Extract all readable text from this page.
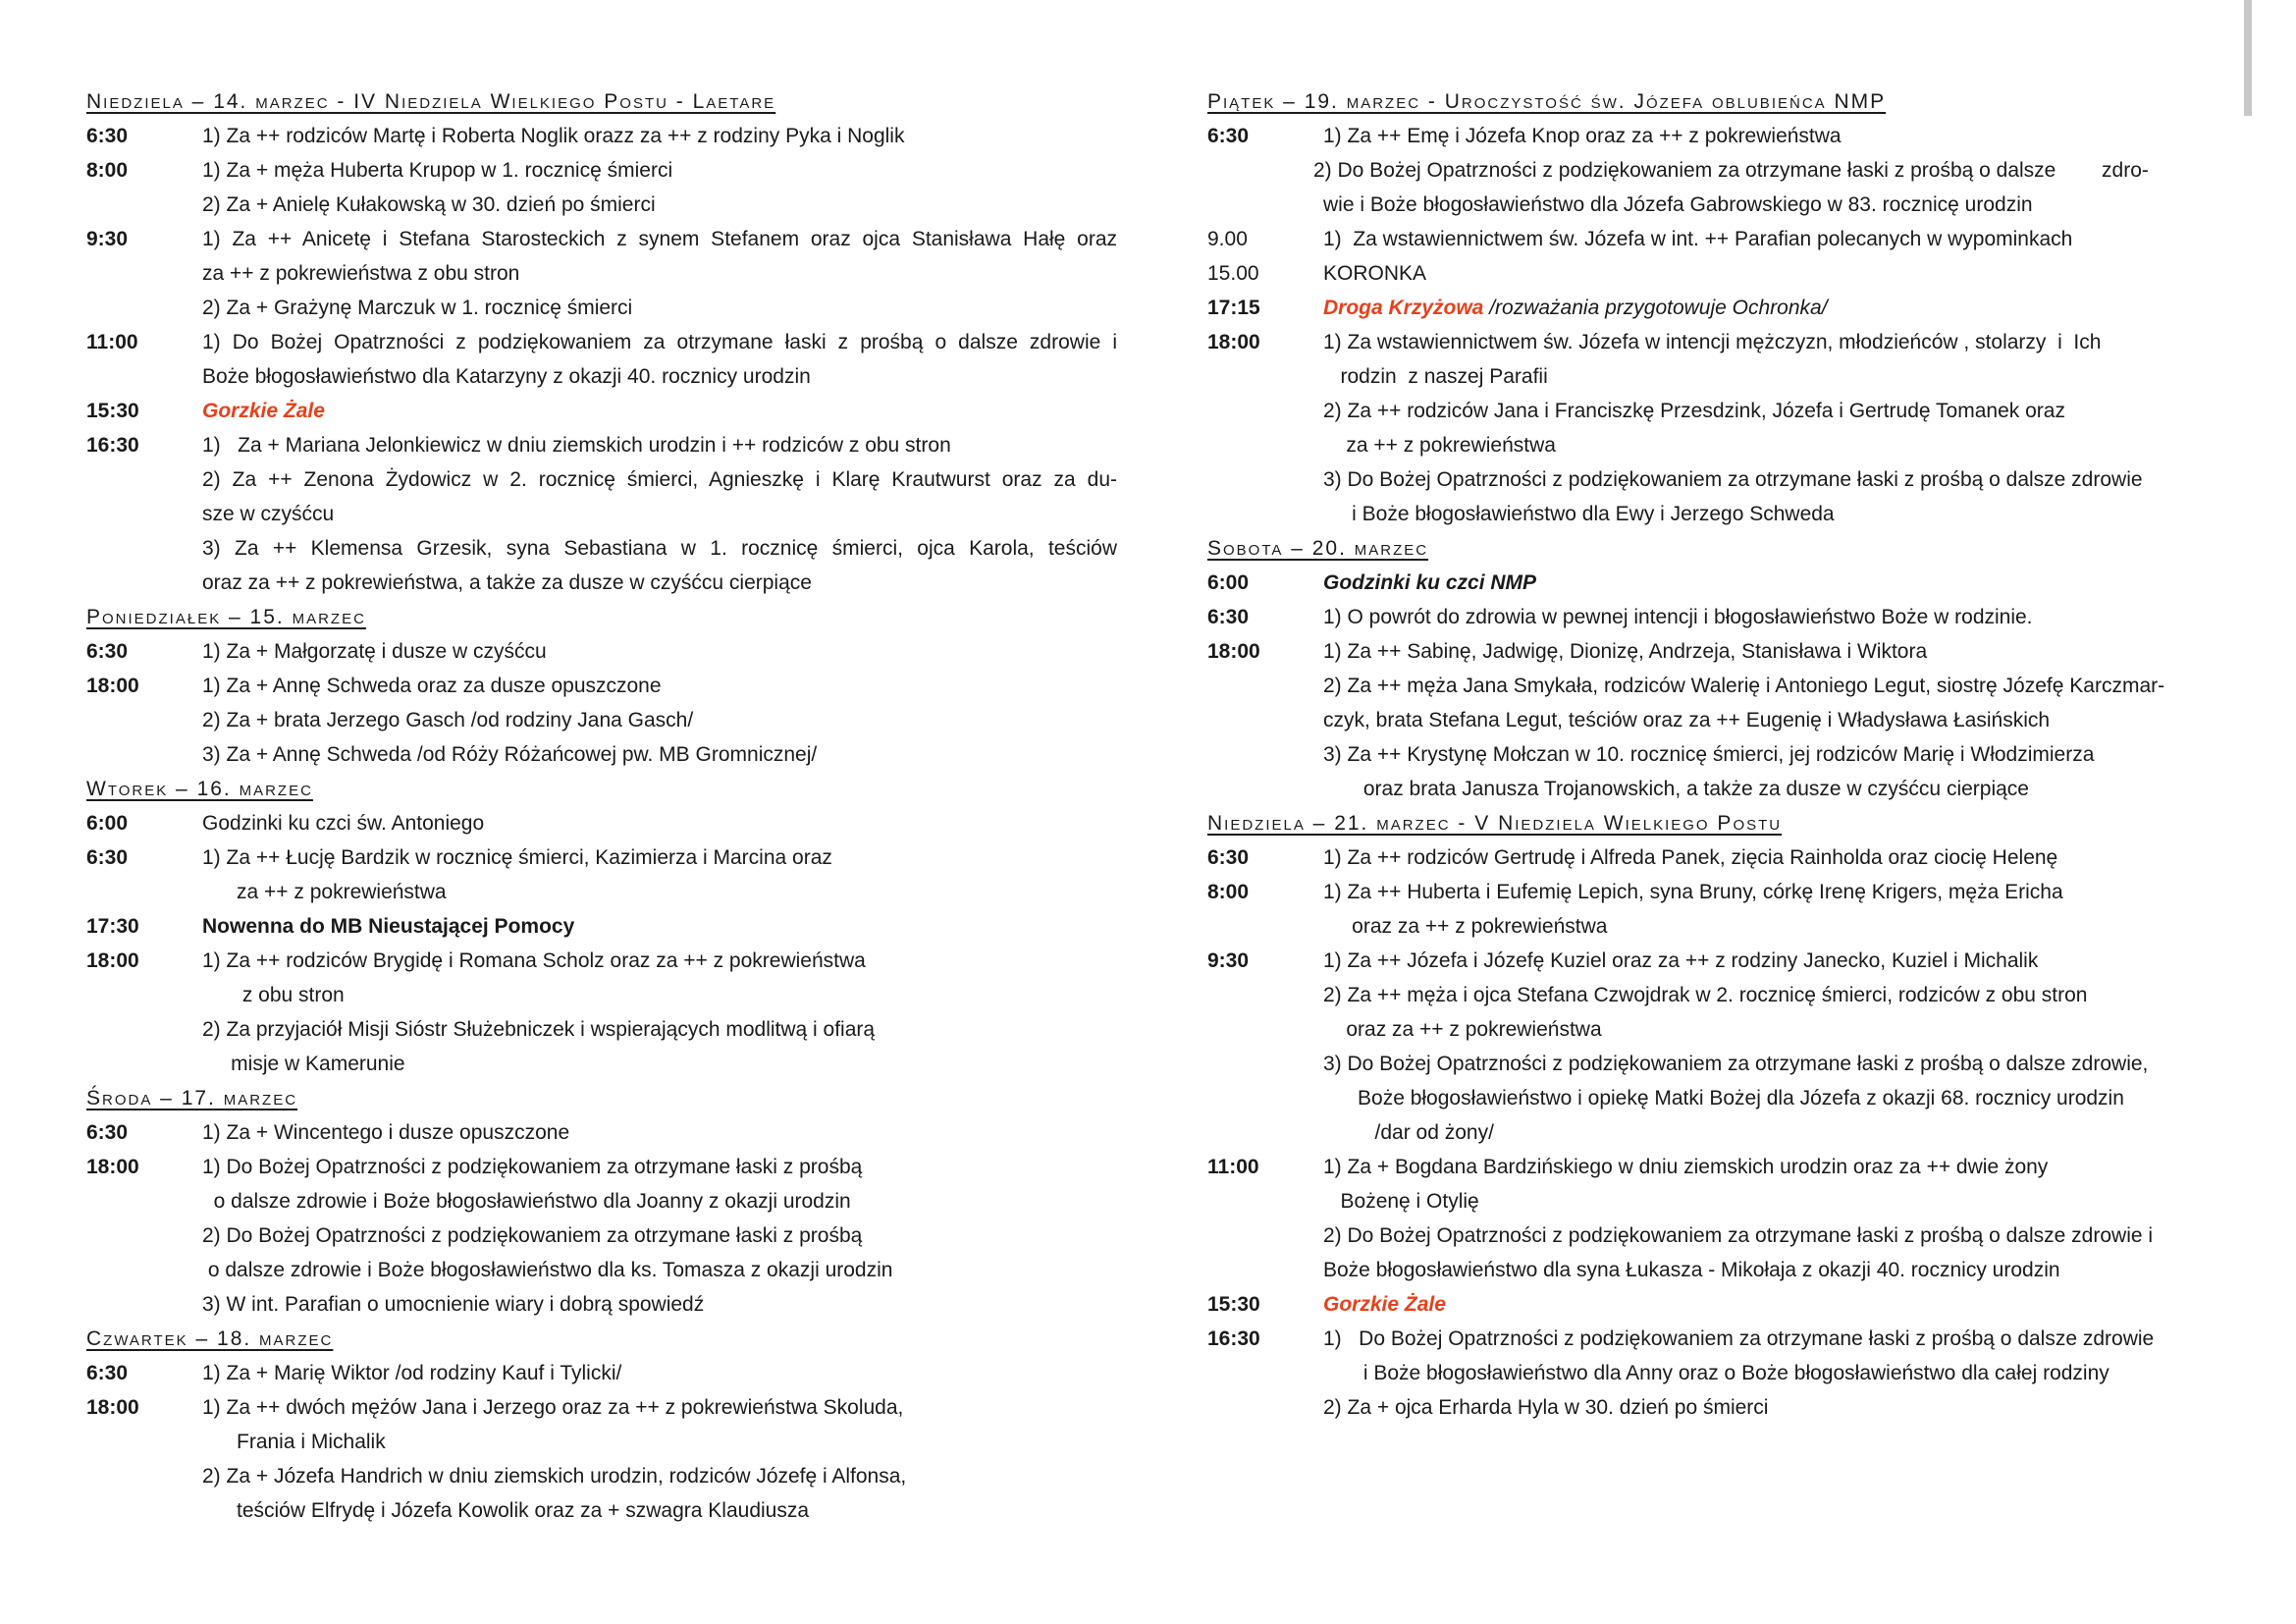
Niedziela – 14. marzec - IV Niedziela Wielkiego Postu - Laetare
6:30	1) Za ++ rodziców Martę i Roberta Noglik orazz za ++ z rodziny Pyka i Noglik
8:00	1) Za + męża Huberta Krupop w 1. rocznicę śmierci
2) Za + Anielę Kułakowską w 30. dzień po śmierci
9:30	1) Za ++ Anicetę i Stefana Starosteckich z synem Stefanem oraz ojca Stanisława Hałę oraz
za ++ z pokrewieństwa z obu stron
2) Za + Grażynę Marczuk w 1. rocznicę śmierci
11:00	1) Do Bożej Opatrzności z podziękowaniem za otrzymane łaski z prośbą o dalsze zdrowie i
Boże błogosławieństwo dla Katarzyny z okazji 40. rocznicy urodzin
15:30	Gorzkie Żale
16:30	1)   Za + Mariana Jelonkiewicz w dniu ziemskich urodzin i ++ rodziców z obu stron
2) Za ++ Zenona Żydowicz w 2. rocznicę śmierci, Agnieszkę i Klarę Krautwurst oraz za du-
sze w czyśćcu
3) Za ++ Klemensa Grzesik, syna Sebastiana w 1. rocznicę śmierci, ojca Karola, teściów
oraz za ++ z pokrewieństwa, a także za dusze w czyśćcu cierpiące
Poniedziałek – 15. marzec
6:30	1) Za + Małgorzatę i dusze w czyśćcu
18:00	1) Za + Annę Schweda oraz za dusze opuszczone
2) Za + brata Jerzego Gasch /od rodziny Jana Gasch/
3) Za + Annę Schweda /od Róży Różańcowej pw. MB Gromnicznej/
Wtorek – 16. marzec
6:00	Godzinki ku czci św. Antoniego
6:30	1) Za ++ Łucję Bardzik w rocznicę śmierci, Kazimierza i Marcina oraz
za ++ z pokrewieństwa
17:30	Nowenna do MB Nieustającej Pomocy
18:00	1) Za ++ rodziców Brygidę i Romana Scholz oraz za ++ z pokrewieństwa
z obu stron
2) Za przyjaciół Misji Sióstr Służebniczek i wspierających modlitwą i ofiarą
misje w Kamerunie
Środa – 17. marzec
6:30	1) Za + Wincentego i dusze opuszczone
18:00	1) Do Bożej Opatrzności z podziękowaniem za otrzymane łaski z prośbą
o dalsze zdrowie i Boże błogosławieństwo dla Joanny z okazji urodzin
2) Do Bożej Opatrzności z podziękowaniem za otrzymane łaski z prośbą
o dalsze zdrowie i Boże błogosławieństwo dla ks. Tomasza z okazji urodzin
3) W int. Parafian o umocnienie wiary i dobrą spowiedź
Czwartek – 18. marzec
6:30	1) Za + Marię Wiktor /od rodziny Kauf i Tylicki/
18:00	1) Za ++ dwóch mężów Jana i Jerzego oraz za ++ z pokrewieństwa Skoluda,
Frania i Michalik
2) Za + Józefa Handrich w dniu ziemskich urodzin, rodziców Józefę i Alfonsa,
teściów Elfrydę i Józefa Kowolik oraz za + szwagra Klaudiusza
Piątek – 19. marzec - Uroczystość św. Józefa oblubieńca NMP
6:30	1) Za ++ Emę i Józefa Knop oraz za ++ z pokrewieństwa
2) Do Bożej Opatrzności z podziękowaniem za otrzymane łaski z prośbą o dalsze        zdro-
wie i Boże błogosławieństwo dla Józefa Gabrowskiego w 83. rocznicę urodzin
9.00	1)  Za wstawiennictwem św. Józefa w int. ++ Parafian polecanych w wypominkach
15.00	KORONKA
17:15	Droga Krzyżowa /rozważania przygotowuje Ochronka/
18:00	1) Za wstawiennictwem św. Józefa w intencji mężczyzn, młodzieńców , stolarzy  i  Ich
rodzin  z naszej Parafii
2) Za ++ rodziców Jana i Franciszkę Przesdzink, Józefa i Gertrudę Tomanek oraz
za ++ z pokrewieństwa
3) Do Bożej Opatrzności z podziękowaniem za otrzymane łaski z prośbą o dalsze zdrowie
i Boże błogosławieństwo dla Ewy i Jerzego Schweda
Sobota – 20. marzec
6:00	Godzinki ku czci NMP
6:30	1) O powrót do zdrowia w pewnej intencji i błogosławieństwo Boże w rodzinie.
18:00	1) Za ++ Sabinę, Jadwigę, Dionizę, Andrzeja, Stanisława i Wiktora
2) Za ++ męża Jana Smykała, rodziców Walerię i Antoniego Legut, siostrę Józefę Karczmar-
czyk, brata Stefana Legut, teściów oraz za ++ Eugenię i Władysława Łasińskich
3) Za ++ Krystynę Mołczan w 10. rocznicę śmierci, jej rodziców Marię i Włodzimierza
oraz brata Janusza Trojanowskich, a także za dusze w czyśćcu cierpiące
Niedziela – 21. marzec - V Niedziela Wielkiego Postu
6:30	1) Za ++ rodziców Gertrudę i Alfreda Panek, zięcia Rainholda oraz ciocię Helenę
8:00	1) Za ++ Huberta i Eufemię Lepich, syna Bruny, córkę Irenę Krigers, męża Ericha
oraz za ++ z pokrewieństwa
9:30	1) Za ++ Józefa i Józefę Kuziel oraz za ++ z rodziny Janecko, Kuziel i Michalik
2) Za ++ męża i ojca Stefana Czwojdrak w 2. rocznicę śmierci, rodziców z obu stron
oraz za ++ z pokrewieństwa
3) Do Bożej Opatrzności z podziękowaniem za otrzymane łaski z prośbą o dalsze zdrowie,
Boże błogosławieństwo i opiekę Matki Bożej dla Józefa z okazji 68. rocznicy urodzin
/dar od żony/
11:00	1) Za + Bogdana Bardzińskiego w dniu ziemskich urodzin oraz za ++ dwie żony
Bożenę i Otylię
2) Do Bożej Opatrzności z podziękowaniem za otrzymane łaski z prośbą o dalsze zdrowie i
Boże błogosławieństwo dla syna Łukasza - Mikołaja z okazji 40. rocznicy urodzin
15:30	Gorzkie Żale
16:30	1)   Do Bożej Opatrzności z podziękowaniem za otrzymane łaski z prośbą o dalsze zdrowie
i Boże błogosławieństwo dla Anny oraz o Boże błogosławieństwo dla całej rodziny
2) Za + ojca Erharda Hyla w 30. dzień po śmierci
